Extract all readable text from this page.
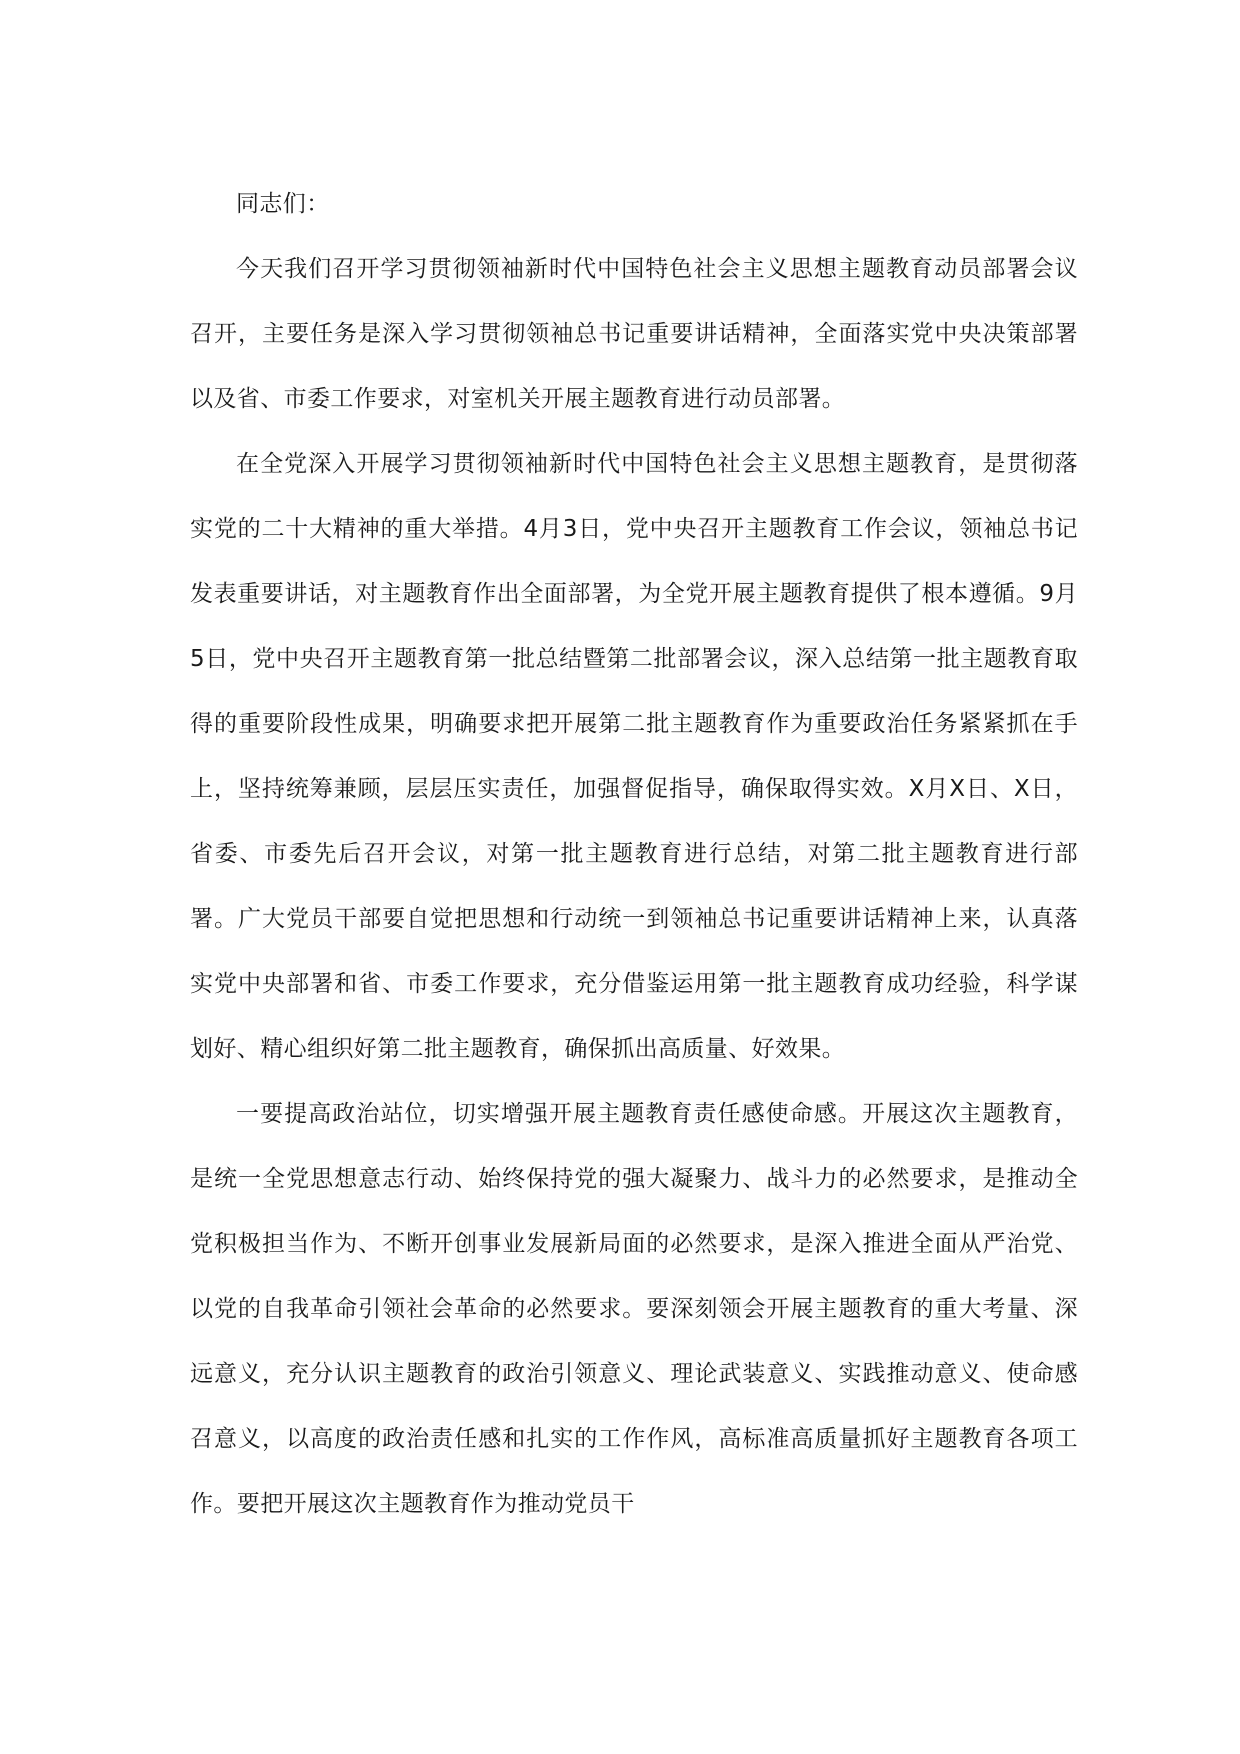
同志们：

今天我们召开学习贯彻领袖新时代中国特色社会主义思想主题教育动员部署会议召开，主要任务是深入学习贯彻领袖总书记重要讲话精神，全面落实党中央决策部署以及省、市委工作要求，对室机关开展主题教育进行动员部署。

在全党深入开展学习贯彻领袖新时代中国特色社会主义思想主题教育，是贯彻落实党的二十大精神的重大举措。4月3日，党中央召开主题教育工作会议，领袖总书记发表重要讲话，对主题教育作出全面部署，为全党开展主题教育提供了根本遵循。9月5日，党中央召开主题教育第一批总结暨第二批部署会议，深入总结第一批主题教育取得的重要阶段性成果，明确要求把开展第二批主题教育作为重要政治任务紧紧抓在手上，坚持统筹兼顾，层层压实责任，加强督促指导，确保取得实效。X月X日、X日，省委、市委先后召开会议，对第一批主题教育进行总结，对第二批主题教育进行部署。广大党员干部要自觉把思想和行动统一到领袖总书记重要讲话精神上来，认真落实党中央部署和省、市委工作要求，充分借鉴运用第一批主题教育成功经验，科学谋划好、精心组织好第二批主题教育，确保抓出高质量、好效果。

一要提高政治站位，切实增强开展主题教育责任感使命感。开展这次主题教育，是统一全党思想意志行动、始终保持党的强大凝聚力、战斗力的必然要求，是推动全党积极担当作为、不断开创事业发展新局面的必然要求，是深入推进全面从严治党、以党的自我革命引领社会革命的必然要求。要深刻领会开展主题教育的重大考量、深远意义，充分认识主题教育的政治引领意义、理论武装意义、实践推动意义、使命感召意义，以高度的政治责任感和扎实的工作作风，高标准高质量抓好主题教育各项工作。要把开展这次主题教育作为推动党员干
